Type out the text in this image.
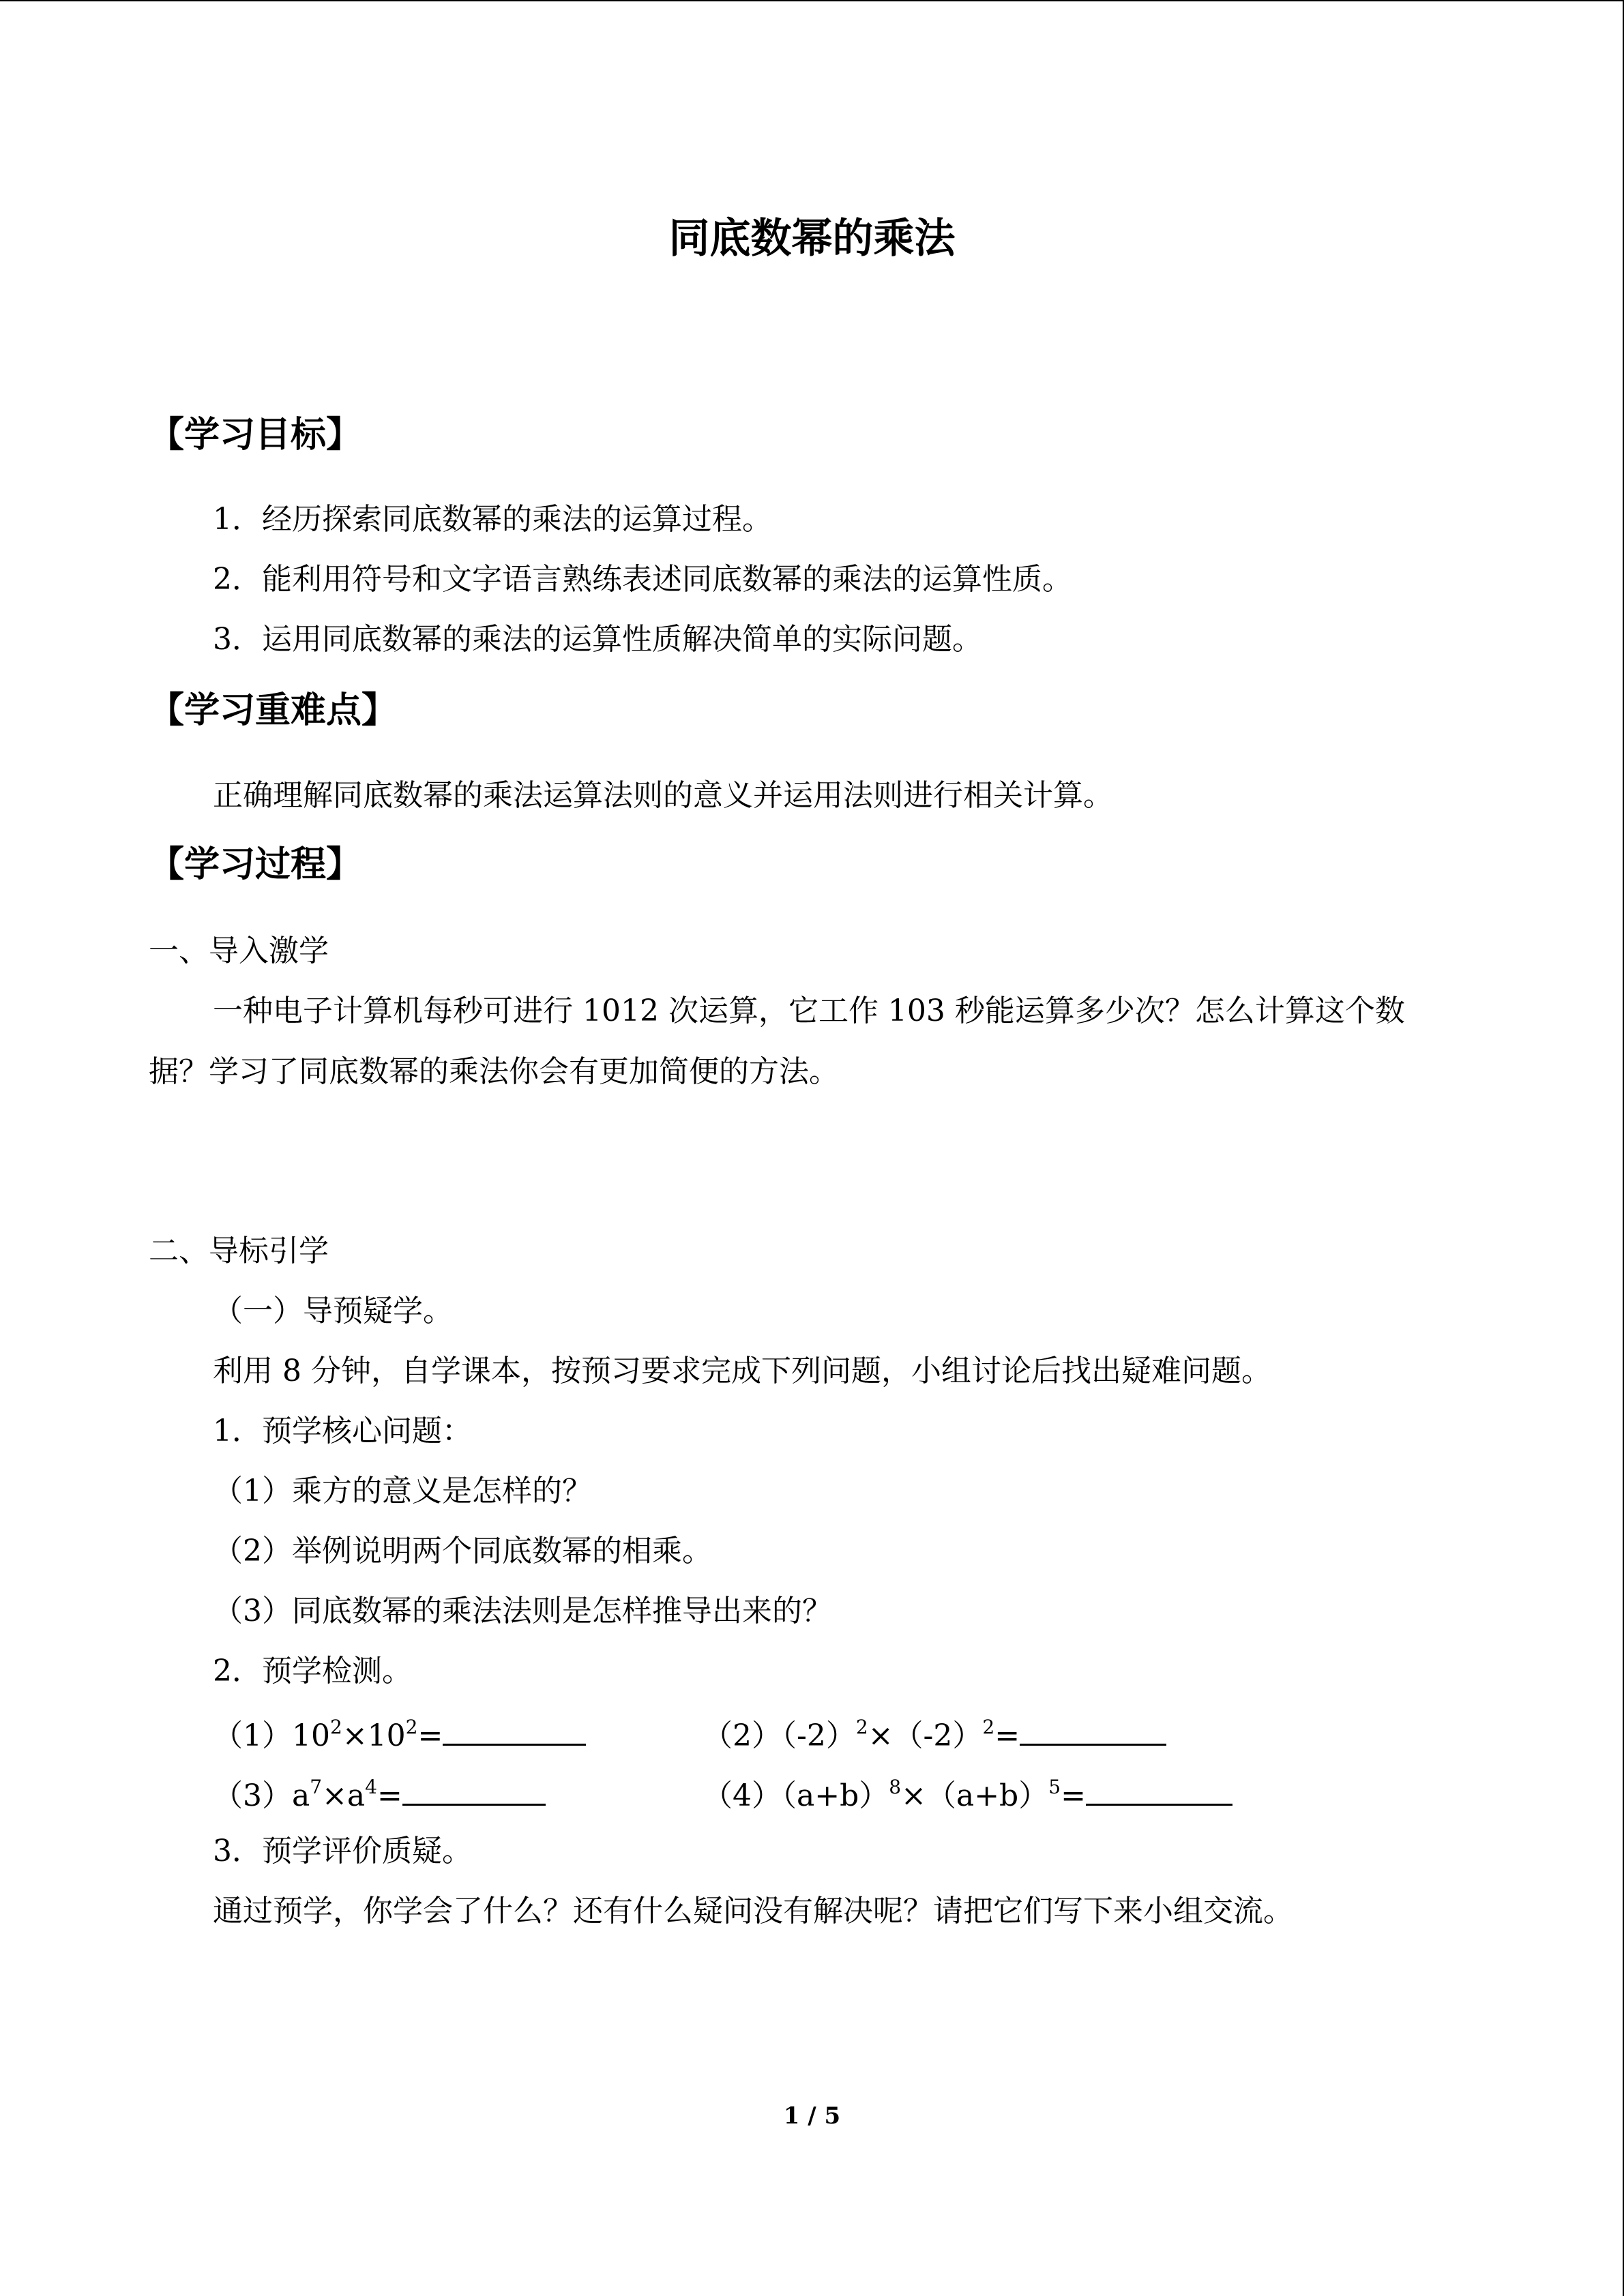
同底数幂的乘法
【学习目标】

1．经历探索同底数幂的乘法的运算过程。

2．能利用符号和文字语言熟练表述同底数幂的乘法的运算性质。

3．运用同底数幂的乘法的运算性质解决简单的实际问题。

【学习重难点】

正确理解同底数幂的乘法运算法则的意义并运用法则进行相关计算。

【学习过程】

一、导入激学

一种电子计算机每秒可进行 1012 次运算，它工作 103 秒能运算多少次？怎么计算这个数

据？学习了同底数幂的乘法你会有更加简便的方法。

二、导标引学

（一）导预疑学。

利用 8 分钟，自学课本，按预习要求完成下列问题，小组讨论后找出疑难问题。

1．预学核心问题：

（1）乘方的意义是怎样的？

（2）举例说明两个同底数幂的相乘。

（3）同底数幂的乘法法则是怎样推导出来的？

2．预学检测。

$(1)10^2\times 10^2=$	$(2)(-2)^2\times(-2)^2=$

$(3)a^7\times a^4=$	$(4)(a+b)^8\times(a+b)^5=$

3．预学评价质疑。

通过预学，你学会了什么？还有什么疑问没有解决呢？请把它们写下来小组交流。

1 / 5
